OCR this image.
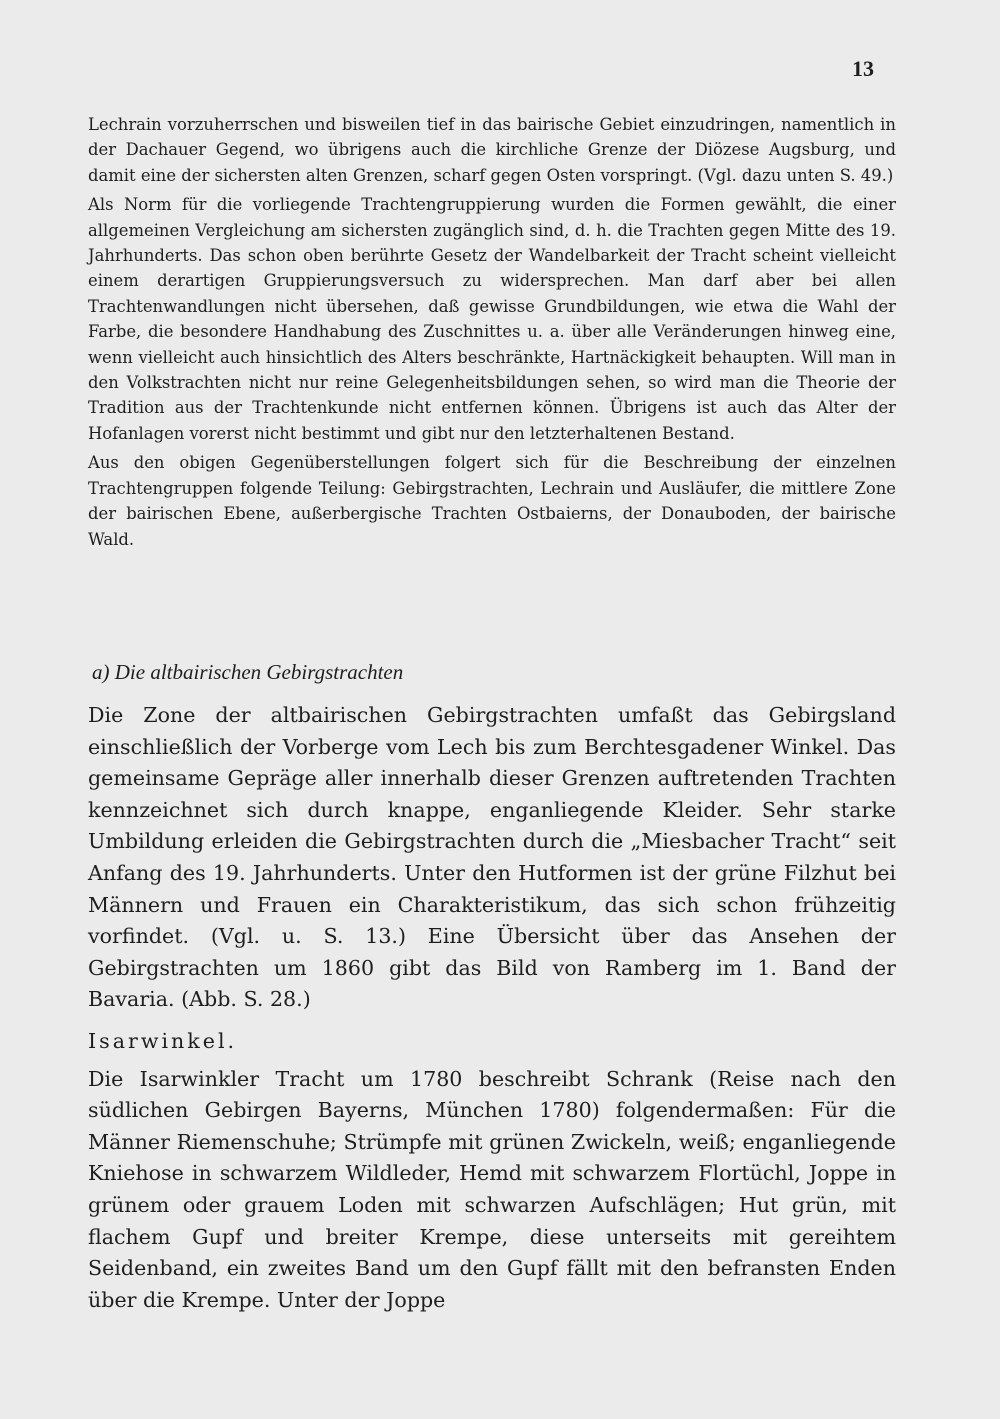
13

Lechrain vorzuherrschen und bisweilen tief in das bairische Gebiet einzudringen, namentlich in der Dachauer Gegend, wo übrigens auch die kirchliche Grenze der Diözese Augsburg, und damit eine der sichersten alten Grenzen, scharf gegen Osten vorspringt. (Vgl. dazu unten S. 49.)

Als Norm für die vorliegende Trachtengruppierung wurden die Formen gewählt, die einer allgemeinen Vergleichung am sichersten zugänglich sind, d. h. die Trachten gegen Mitte des 19. Jahrhunderts. Das schon oben berührte Gesetz der Wandelbarkeit der Tracht scheint vielleicht einem derartigen Gruppierungsversuch zu widersprechen. Man darf aber bei allen Trachtenwandlungen nicht übersehen, daß gewisse Grundbildungen, wie etwa die Wahl der Farbe, die besondere Handhabung des Zuschnittes u. a. über alle Veränderungen hinweg eine, wenn vielleicht auch hinsichtlich des Alters beschränkte, Hartnäckigkeit behaupten. Will man in den Volkstrachten nicht nur reine Gelegenheitsbildungen sehen, so wird man die Theorie der Tradition aus der Trachtenkunde nicht entfernen können. Übrigens ist auch das Alter der Hofanlagen vorerst nicht bestimmt und gibt nur den letzterhaltenen Bestand.

Aus den obigen Gegenüberstellungen folgert sich für die Beschreibung der einzelnen Trachtengruppen folgende Teilung: Gebirgstrachten, Lechrain und Ausläufer, die mittlere Zone der bairischen Ebene, außerbergische Trachten Ostbaierns, der Donauboden, der bairische Wald.

a) Die altbairischen Gebirgstrachten

Die Zone der altbairischen Gebirgstrachten umfaßt das Gebirgsland einschließlich der Vorberge vom Lech bis zum Berchtesgadener Winkel. Das gemeinsame Gepräge aller innerhalb dieser Grenzen auftretenden Trachten kennzeichnet sich durch knappe, enganliegende Kleider. Sehr starke Umbildung erleiden die Gebirgstrachten durch die „Miesbacher Tracht“ seit Anfang des 19. Jahrhunderts. Unter den Hutformen ist der grüne Filzhut bei Männern und Frauen ein Charakteristikum, das sich schon frühzeitig vorfindet. (Vgl. u. S. 13.) Eine Übersicht über das Ansehen der Gebirgstrachten um 1860 gibt das Bild von Ramberg im 1. Band der Bavaria. (Abb. S. 28.)

Isarwinkel.

Die Isarwinkler Tracht um 1780 beschreibt Schrank (Reise nach den südlichen Gebirgen Bayerns, München 1780) folgendermaßen: Für die Männer Riemenschuhe; Strümpfe mit grünen Zwickeln, weiß; enganliegende Kniehose in schwarzem Wildleder, Hemd mit schwarzem Flortüchl, Joppe in grünem oder grauem Loden mit schwarzen Aufschlägen; Hut grün, mit flachem Gupf und breiter Krempe, diese unterseits mit gereihtem Seidenband, ein zweites Band um den Gupf fällt mit den befransten Enden über die Krempe. Unter der Joppe
